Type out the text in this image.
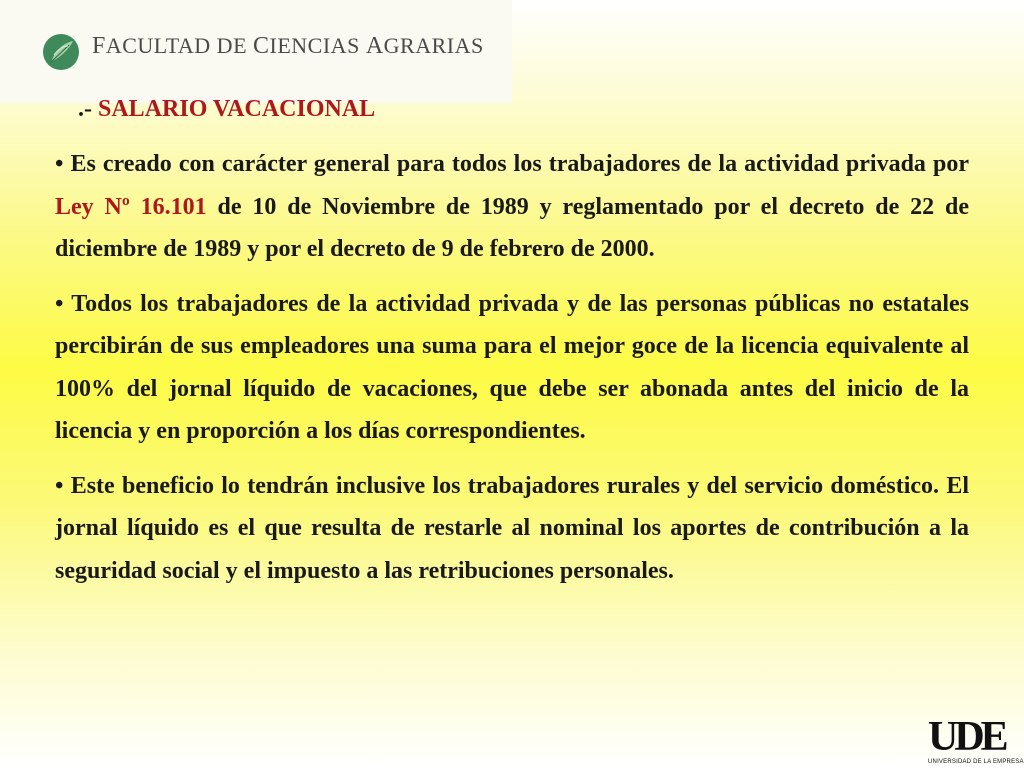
FACULTAD DE CIENCIAS AGRARIAS
.- SALARIO VACACIONAL

• Es creado con carácter general para todos los trabajadores de la actividad privada por Ley Nº 16.101 de 10 de Noviembre de 1989 y reglamentado por el decreto de 22 de diciembre de 1989 y por el decreto de 9 de febrero de 2000.

• Todos los trabajadores de la actividad privada y de las personas públicas no estatales percibirán de sus empleadores una suma para el mejor goce de la licencia equivalente al 100% del jornal líquido de vacaciones, que debe ser abonada antes del inicio de la licencia y en proporción a los días correspondientes.

• Este beneficio lo tendrán inclusive los trabajadores rurales y del servicio doméstico. El jornal líquido es el que resulta de restarle al nominal los aportes de contribución a la seguridad social y el impuesto a las retribuciones personales.

UDE
UNIVERSIDAD DE LA EMPRESA
